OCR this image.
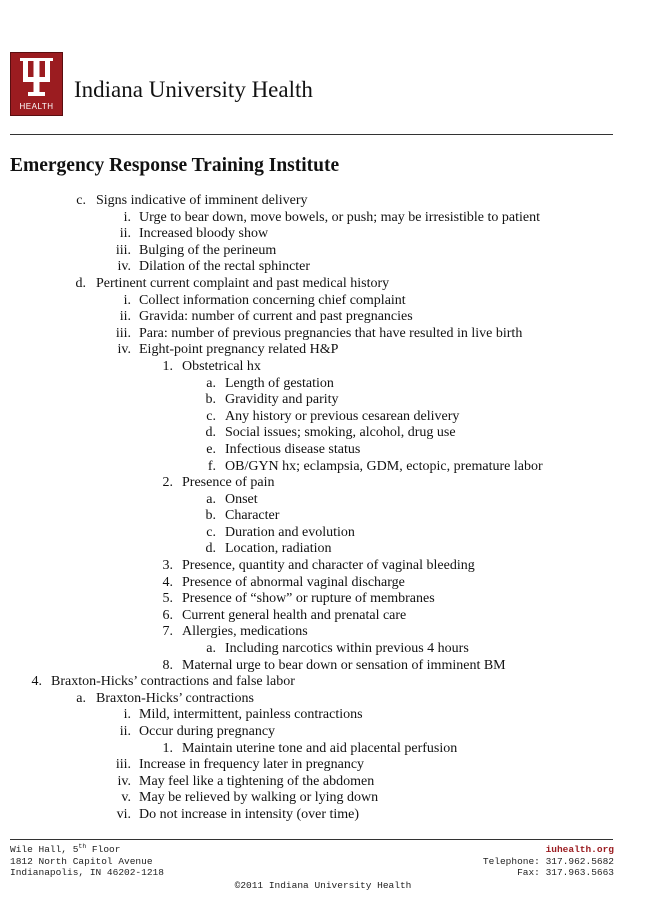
HEALTH
Indiana University Health
Emergency Response Training Institute
c. Signs indicative of imminent delivery
i. Urge to bear down, move bowels, or push; may be irresistible to patient
ii. Increased bloody show
iii. Bulging of the perineum
iv. Dilation of the rectal sphincter
d. Pertinent current complaint and past medical history
i. Collect information concerning chief complaint
ii. Gravida: number of current and past pregnancies
iii. Para: number of previous pregnancies that have resulted in live birth
iv. Eight-point pregnancy related H&P
1. Obstetrical hx
a. Length of gestation
b. Gravidity and parity
c. Any history or previous cesarean delivery
d. Social issues; smoking, alcohol, drug use
e. Infectious disease status
f. OB/GYN hx; eclampsia, GDM, ectopic, premature labor
2. Presence of pain
a. Onset
b. Character
c. Duration and evolution
d. Location, radiation
3. Presence, quantity and character of vaginal bleeding
4. Presence of abnormal vaginal discharge
5. Presence of “show” or rupture of membranes
6. Current general health and prenatal care
7. Allergies, medications
a. Including narcotics within previous 4 hours
8. Maternal urge to bear down or sensation of imminent BM
4. Braxton-Hicks’ contractions and false labor
a. Braxton-Hicks’ contractions
i. Mild, intermittent, painless contractions
ii. Occur during pregnancy
1. Maintain uterine tone and aid placental perfusion
iii. Increase in frequency later in pregnancy
iv. May feel like a tightening of the abdomen
v. May be relieved by walking or lying down
vi. Do not increase in intensity (over time)
Wile Hall, 5th Floor
1812 North Capitol Avenue
Indianapolis, IN 46202-1218
iuhealth.org
Telephone: 317.962.5682
Fax: 317.963.5663
©2011 Indiana University Health
